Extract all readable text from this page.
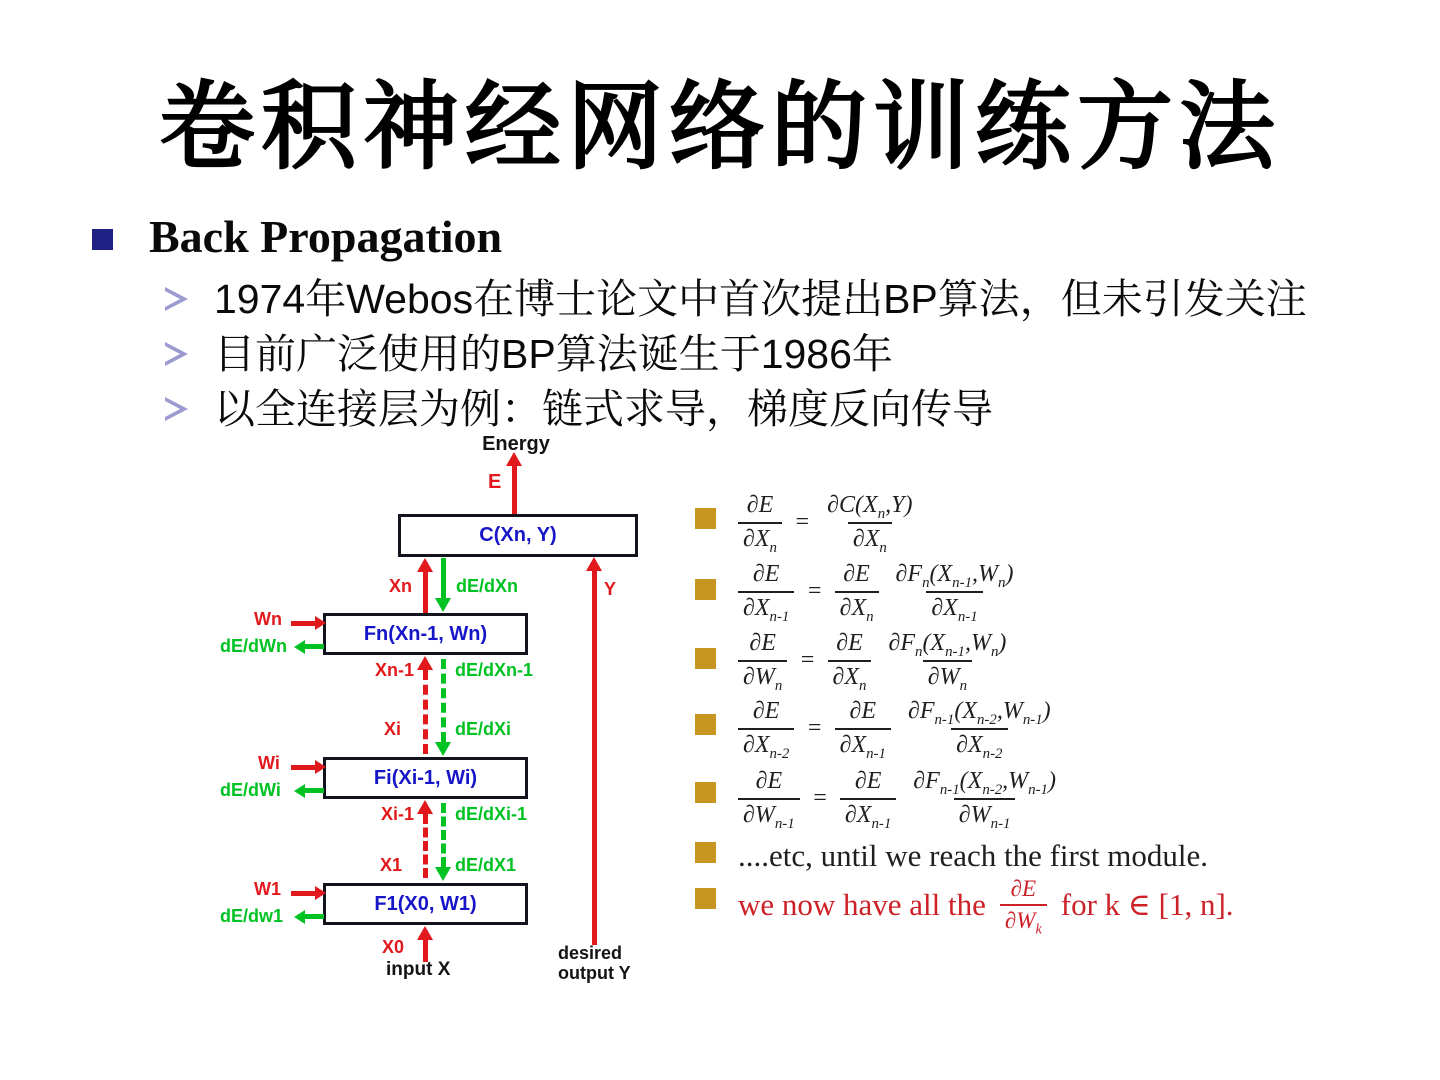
卷积神经网络的训练方法
Back Propagation
1974年Webos在博士论文中首次提出BP算法，但未引发关注
目前广泛使用的BP算法诞生于1986年
以全连接层为例：链式求导，梯度反向传导
Energy
E
C(Xn, Y)
Xn dE/dXn	Y
Fn(Xn-1, Wn)
Wn
dE/dWn
Xn-1 dE/dXn-1
Xi	dE/dXi
Fi(Xi-1, Wi)
Wi
dE/dWi
Xi-1 dE/dXi-1
X1	dE/dX1
F1(X0, W1)
W1
dE/dw1
X0
input X
desired
output Y
$\frac{\partial E}{\partial X_n} = \frac{\partial C(X_n,Y)}{\partial X_n}$
$\frac{\partial E}{\partial X_{n-1}} = \frac{\partial E}{\partial X_n} \frac{\partial F_n(X_{n-1},W_n)}{\partial X_{n-1}}$
$\frac{\partial E}{\partial W_n} = \frac{\partial E}{\partial X_n} \frac{\partial F_n(X_{n-1},W_n)}{\partial W_n}$
$\frac{\partial E}{\partial X_{n-2}} = \frac{\partial E}{\partial X_{n-1}} \frac{\partial F_{n-1}(X_{n-2},W_{n-1})}{\partial X_{n-2}}$
$\frac{\partial E}{\partial W_{n-1}} = \frac{\partial E}{\partial X_{n-1}} \frac{\partial F_{n-1}(X_{n-2},W_{n-1})}{\partial W_{n-1}}$
....etc, until we reach the first module.
we now have all the $\frac{\partial E}{\partial W_k}$ for k ∈ [1, n].
